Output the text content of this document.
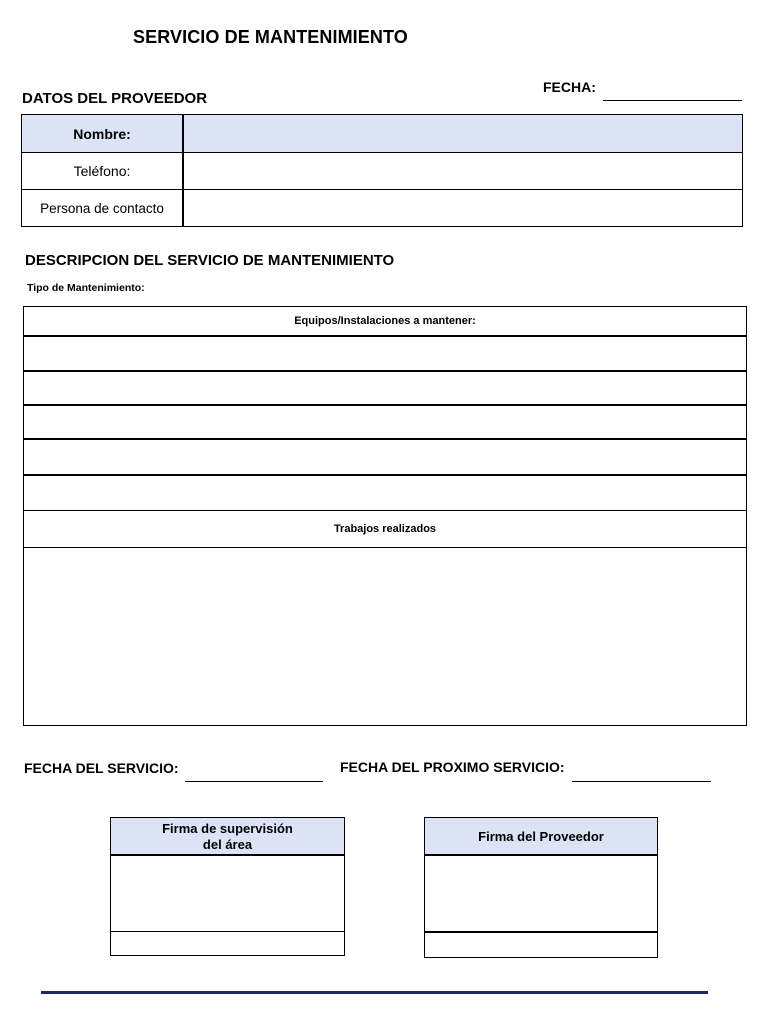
SERVICIO DE MANTENIMIENTO
DATOS DEL PROVEEDOR
FECHA:
Nombre:	
Teléfono:	
Persona de contacto	
DESCRIPCION DEL SERVICIO DE MANTENIMIENTO
Tipo de Mantenimiento:
Equipos/Instalaciones a mantener:
Trabajos realizados
FECHA DEL SERVICIO:	FECHA DEL PROXIMO SERVICIO:
Firma de supervisión
del área
Firma del Proveedor
